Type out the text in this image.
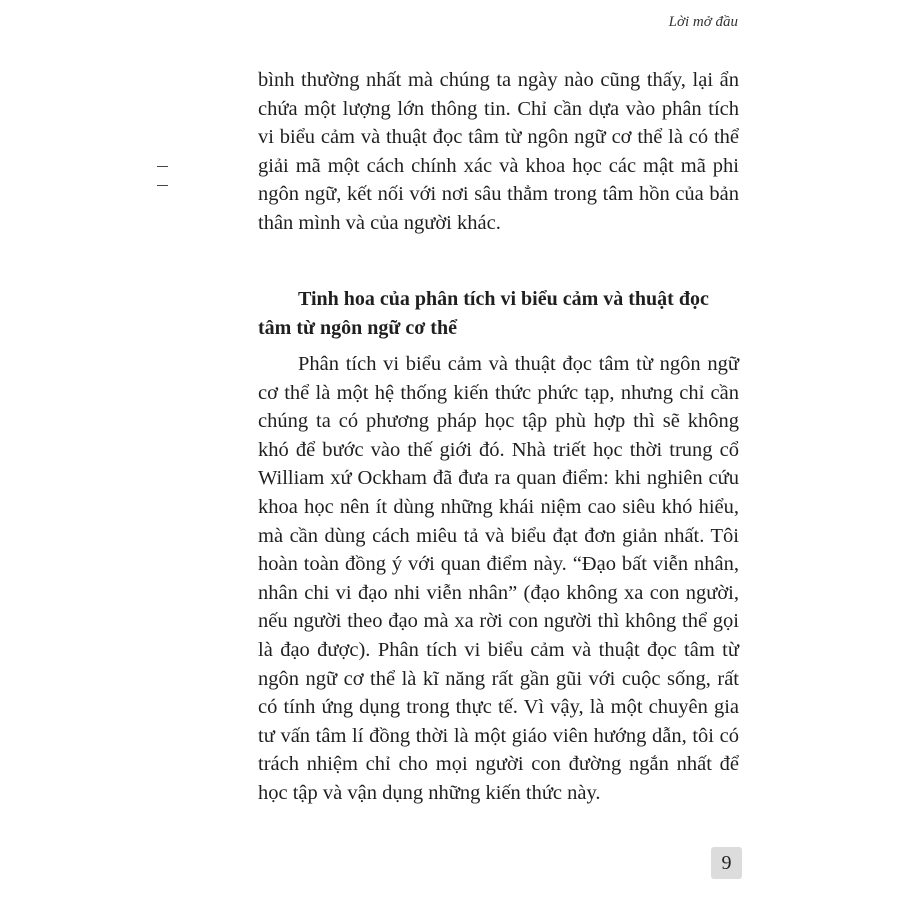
Lời mở đầu

bình thường nhất mà chúng ta ngày nào cũng thấy, lại ẩn chứa một lượng lớn thông tin. Chỉ cần dựa vào phân tích vi biểu cảm và thuật đọc tâm từ ngôn ngữ cơ thể là có thể giải mã một cách chính xác và khoa học các mật mã phi ngôn ngữ, kết nối với nơi sâu thẳm trong tâm hồn của bản thân mình và của người khác.

Tinh hoa của phân tích vi biểu cảm và thuật đọc tâm từ ngôn ngữ cơ thể

Phân tích vi biểu cảm và thuật đọc tâm từ ngôn ngữ cơ thể là một hệ thống kiến thức phức tạp, nhưng chỉ cần chúng ta có phương pháp học tập phù hợp thì sẽ không khó để bước vào thế giới đó. Nhà triết học thời trung cổ William xứ Ockham đã đưa ra quan điểm: khi nghiên cứu khoa học nên ít dùng những khái niệm cao siêu khó hiểu, mà cần dùng cách miêu tả và biểu đạt đơn giản nhất. Tôi hoàn toàn đồng ý với quan điểm này. “Đạo bất viễn nhân, nhân chi vi đạo nhi viễn nhân” (đạo không xa con người, nếu người theo đạo mà xa rời con người thì không thể gọi là đạo được). Phân tích vi biểu cảm và thuật đọc tâm từ ngôn ngữ cơ thể là kĩ năng rất gần gũi với cuộc sống, rất có tính ứng dụng trong thực tế. Vì vậy, là một chuyên gia tư vấn tâm lí đồng thời là một giáo viên hướng dẫn, tôi có trách nhiệm chỉ cho mọi người con đường ngắn nhất để học tập và vận dụng những kiến thức này.

9
